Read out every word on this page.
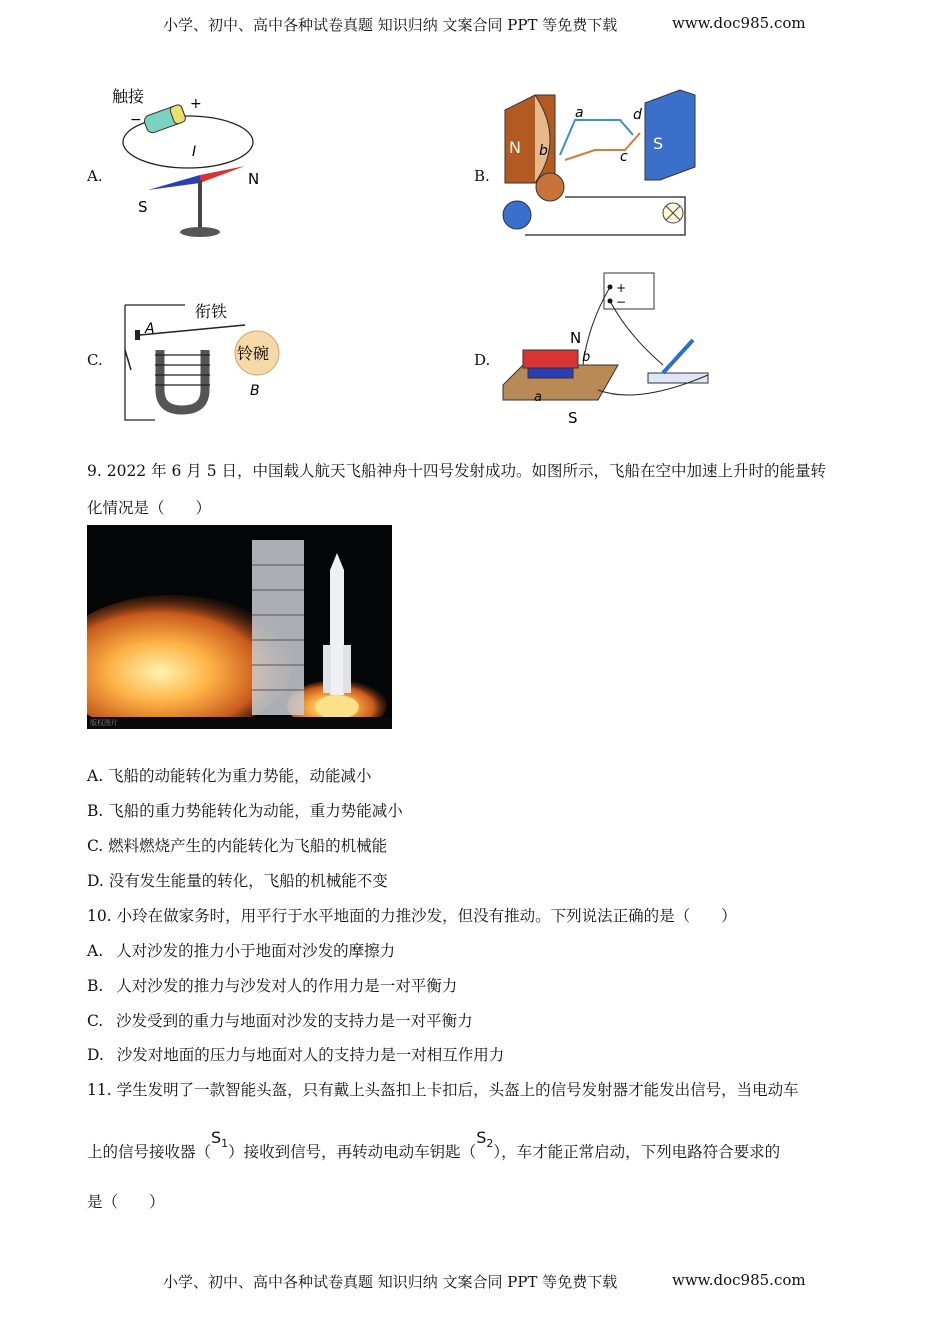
小学、初中、高中各种试卷真题 知识归纳 文案合同 PPT 等免费下载	www.doc985.com
A.
触接	+
−
I
S
N	B.
N	S
a
b	c
d
C.
衔铁
A
铃碗
B
D.
+
−
N
b
a
S
9. 2022 年 6 月 5 日，中国载人航天飞船神舟十四号发射成功。如图所示，飞船在空中加速上升时的能量转
化情况是（　　）
版权图片
A. 飞船的动能转化为重力势能，动能减小
B. 飞船的重力势能转化为动能，重力势能减小
C. 燃料燃烧产生的内能转化为飞船的机械能
D. 没有发生能量的转化，飞船的机械能不变
10. 小玲在做家务时，用平行于水平地面的力推沙发，但没有推动。下列说法正确的是（　　）
A. 人对沙发的推力小于地面对沙发的摩擦力
B. 人对沙发的推力与沙发对人的作用力是一对平衡力
C. 沙发受到的重力与地面对沙发的支持力是一对平衡力
D. 沙发对地面的压力与地面对人的支持力是一对相互作用力
11. 学生发明了一款智能头盔，只有戴上头盔扣上卡扣后，头盔上的信号发射器才能发出信号，当电动车
上的信号接收器$(S_1)$接收到信号，再转动电动车钥匙$(S_2)$，车才能正常启动，下列电路符合要求的
是（　　）
小学、初中、高中各种试卷真题 知识归纳 文案合同 PPT 等免费下载	www.doc985.com
